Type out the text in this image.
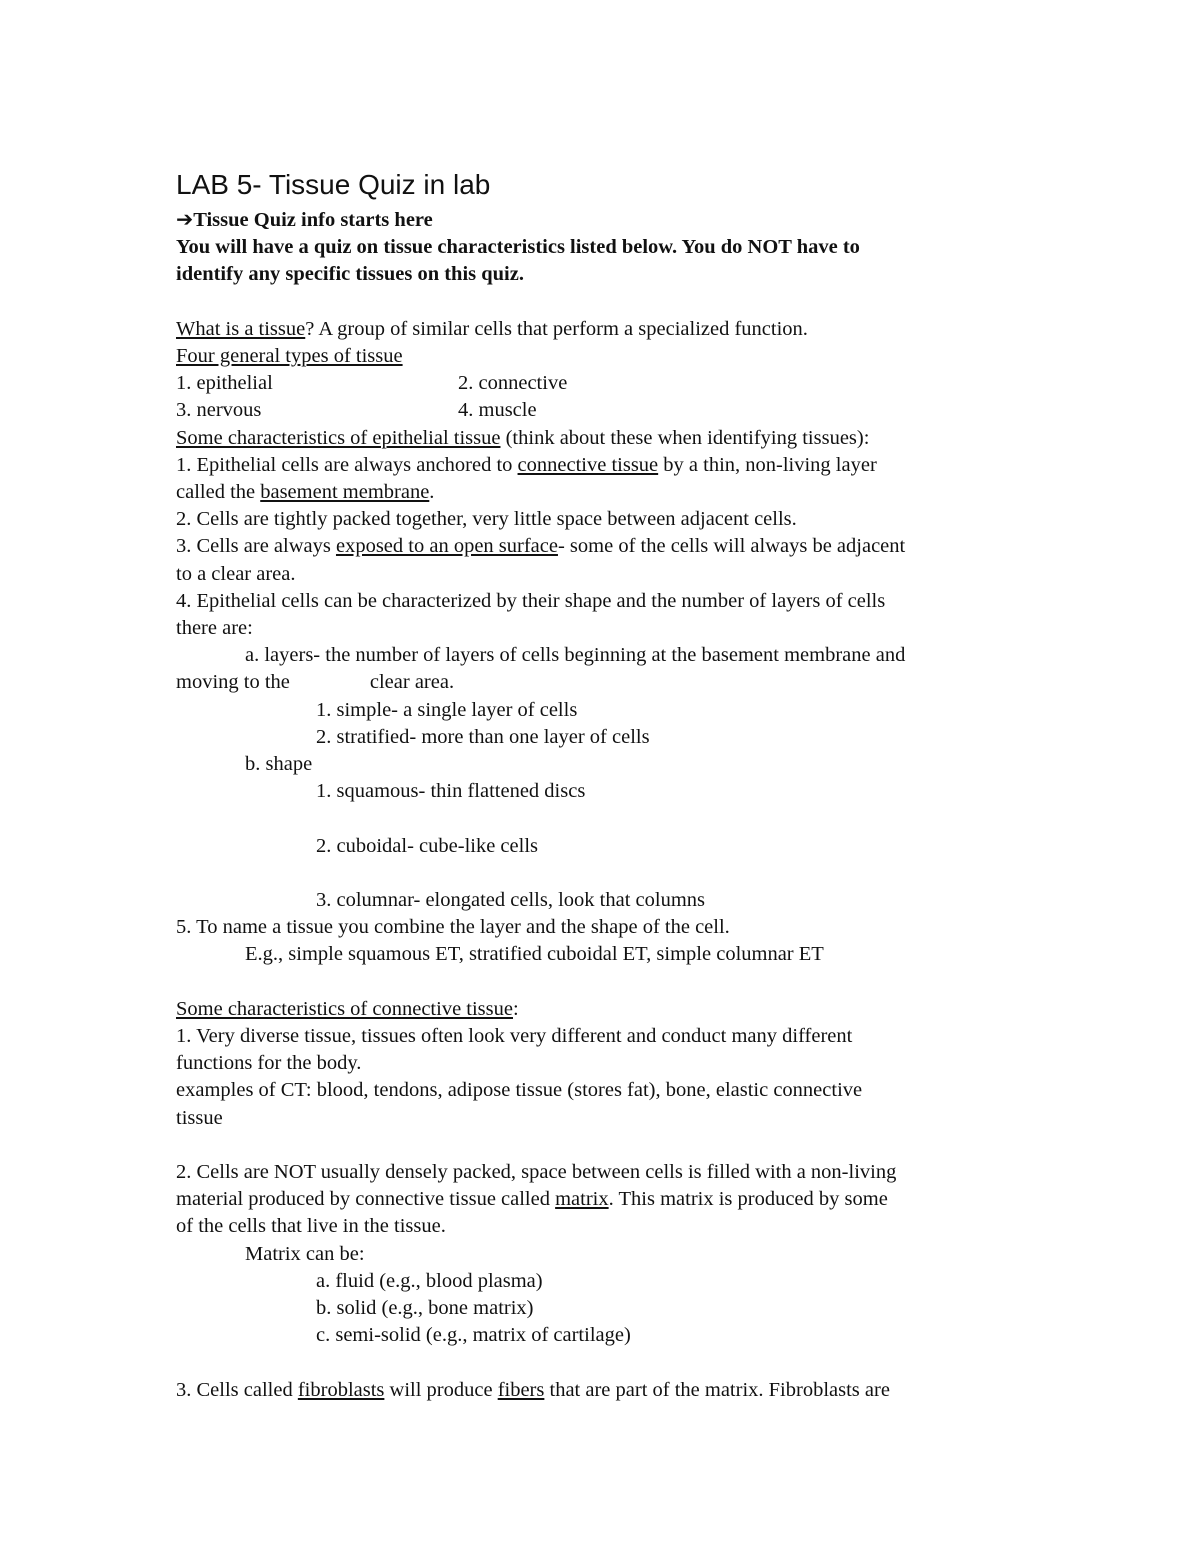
LAB 5- Tissue Quiz in lab

➔Tissue Quiz info starts here

You will have a quiz on tissue characteristics listed below. You do NOT have to

identify any specific tissues on this quiz.

What is a tissue? A group of similar cells that perform a specialized function.

Four general types of tissue

1. epithelial	2. connective

3. nervous	4. muscle

Some characteristics of epithelial tissue (think about these when identifying tissues):

1. Epithelial cells are always anchored to connective tissue by a thin, non-living layer

called the basement membrane.

2. Cells are tightly packed together, very little space between adjacent cells.

3. Cells are always exposed to an open surface- some of the cells will always be adjacent

to a clear area.

4. Epithelial cells can be characterized by their shape and the number of layers of cells

there are:

a. layers- the number of layers of cells beginning at the basement membrane and

moving to the	clear area.

1. simple- a single layer of cells

2. stratified- more than one layer of cells

b. shape

1. squamous- thin flattened discs

2. cuboidal- cube-like cells

3. columnar- elongated cells, look that columns

5. To name a tissue you combine the layer and the shape of the cell.

E.g., simple squamous ET, stratified cuboidal ET, simple columnar ET

Some characteristics of connective tissue:

1. Very diverse tissue, tissues often look very different and conduct many different

functions for the body.

examples of CT: blood, tendons, adipose tissue (stores fat), bone, elastic connective

tissue

2. Cells are NOT usually densely packed, space between cells is filled with a non-living

material produced by connective tissue called matrix. This matrix is produced by some

of the cells that live in the tissue.

Matrix can be:

a. fluid (e.g., blood plasma)

b. solid (e.g., bone matrix)

c. semi-solid (e.g., matrix of cartilage)

3. Cells called fibroblasts will produce fibers that are part of the matrix. Fibroblasts are
